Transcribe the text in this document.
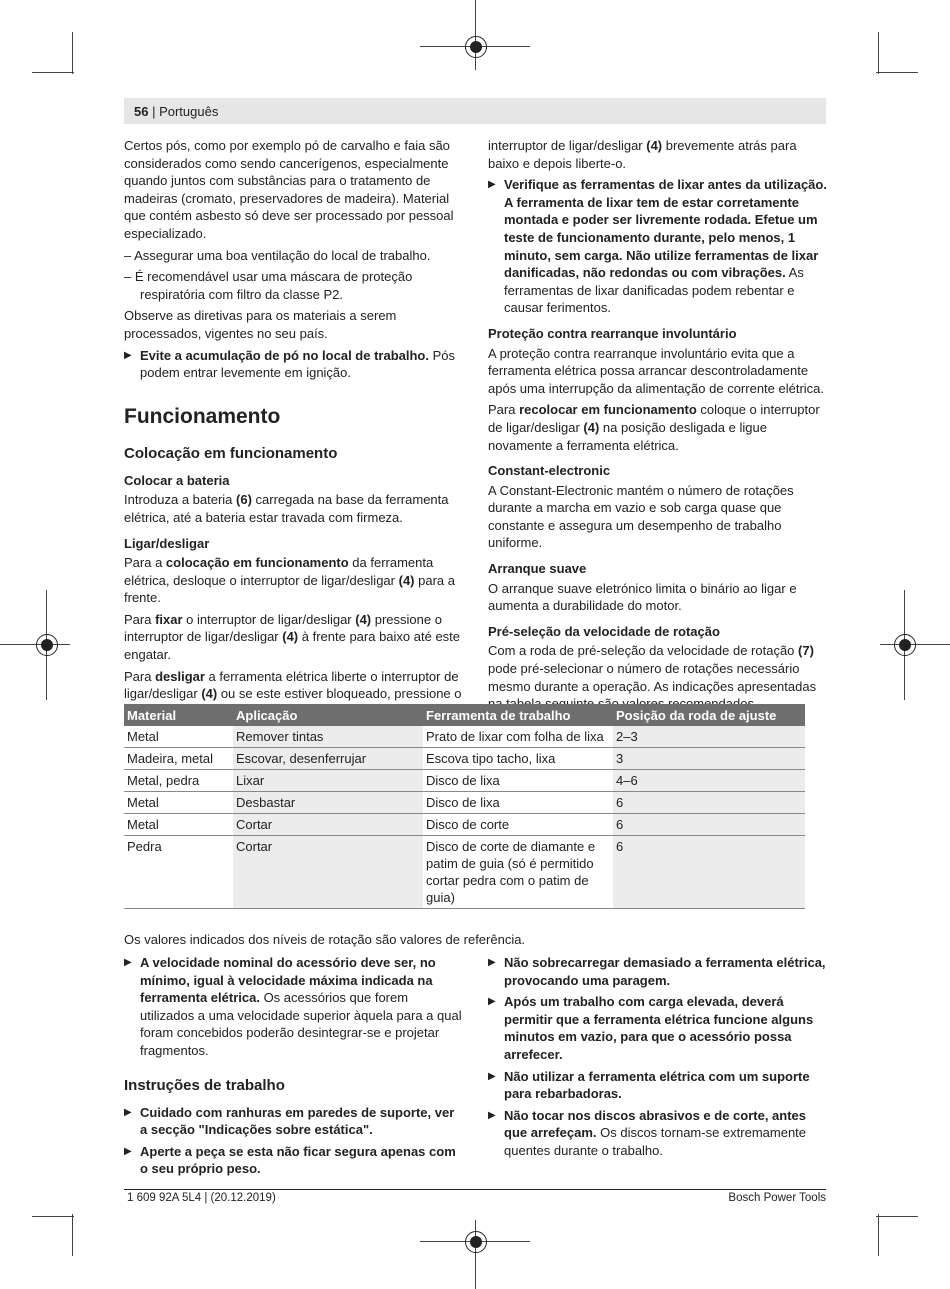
56 | Português

Certos pós, como por exemplo pó de carvalho e faia são considerados como sendo cancerígenos, especialmente quando juntos com substâncias para o tratamento de madeiras (cromato, preservadores de madeira). Material que contém asbesto só deve ser processado por pessoal especializado.

– Assegurar uma boa ventilação do local de trabalho.

– É recomendável usar uma máscara de proteção respiratória com filtro da classe P2.

Observe as diretivas para os materiais a serem processados, vigentes no seu país.

▶ Evite a acumulação de pó no local de trabalho. Pós podem entrar levemente em ignição.

Funcionamento
Colocação em funcionamento
Colocar a bateria

Introduza a bateria (6) carregada na base da ferramenta elétrica, até a bateria estar travada com firmeza.

Ligar/desligar

Para a colocação em funcionamento da ferramenta elétrica, desloque o interruptor de ligar/desligar (4) para a frente.

Para fixar o interruptor de ligar/desligar (4) pressione o interruptor de ligar/desligar (4) à frente para baixo até este engatar.

Para desligar a ferramenta elétrica liberte o interruptor de ligar/desligar (4) ou se este estiver bloqueado, pressione o

interruptor de ligar/desligar (4) brevemente atrás para baixo e depois liberte-o.

▶ Verifique as ferramentas de lixar antes da utilização. A ferramenta de lixar tem de estar corretamente montada e poder ser livremente rodada. Efetue um teste de funcionamento durante, pelo menos, 1 minuto, sem carga. Não utilize ferramentas de lixar danificadas, não redondas ou com vibrações. As ferramentas de lixar danificadas podem rebentar e causar ferimentos.

Proteção contra rearranque involuntário

A proteção contra rearranque involuntário evita que a ferramenta elétrica possa arrancar descontroladamente após uma interrupção da alimentação de corrente elétrica.

Para recolocar em funcionamento coloque o interruptor de ligar/desligar (4) na posição desligada e ligue novamente a ferramenta elétrica.

Constant-electronic

A Constant-Electronic mantém o número de rotações durante a marcha em vazio e sob carga quase que constante e assegura um desempenho de trabalho uniforme.

Arranque suave

O arranque suave eletrónico limita o binário ao ligar e aumenta a durabilidade do motor.

Pré-seleção da velocidade de rotação

Com a roda de pré-seleção da velocidade de rotação (7) pode pré-selecionar o número de rotações necessário mesmo durante a operação. As indicações apresentadas

Material	Aplicação	Ferramenta de trabalho	Posição da roda de ajuste
Metal	Remover tintas	Prato de lixar com folha de lixa	2–3
Madeira, metal	Escovar, desenferrujar	Escova tipo tacho, lixa	3
Metal, pedra	Lixar	Disco de lixa	4–6
Metal	Desbastar	Disco de lixa	6
Metal	Cortar	Disco de corte	6
Pedra	Cortar	Disco de corte de diamante e patim de guia (só é permitido cortar pedra com o patim de guia)	6
Os valores indicados dos níveis de rotação são valores de referência.

▶ A velocidade nominal do acessório deve ser, no mínimo, igual à velocidade máxima indicada na ferramenta elétrica. Os acessórios que forem utilizados a uma velocidade superior àquela para a qual foram concebidos poderão desintegrar-se e projetar fragmentos.

Instruções de trabalho

▶ Cuidado com ranhuras em paredes de suporte, ver a secção "Indicações sobre estática".

▶ Aperte a peça se esta não ficar segura apenas com o seu próprio peso.

▶ Não sobrecarregar demasiado a ferramenta elétrica, provocando uma paragem.

▶ Após um trabalho com carga elevada, deverá permitir que a ferramenta elétrica funcione alguns minutos em vazio, para que o acessório possa arrefecer.

▶ Não utilizar a ferramenta elétrica com um suporte para rebarbadoras.

▶ Não tocar nos discos abrasivos e de corte, antes que arrefeçam. Os discos tornam-se extremamente quentes durante o trabalho.

1 609 92A 5L4 | (20.12.2019)	Bosch Power Tools
